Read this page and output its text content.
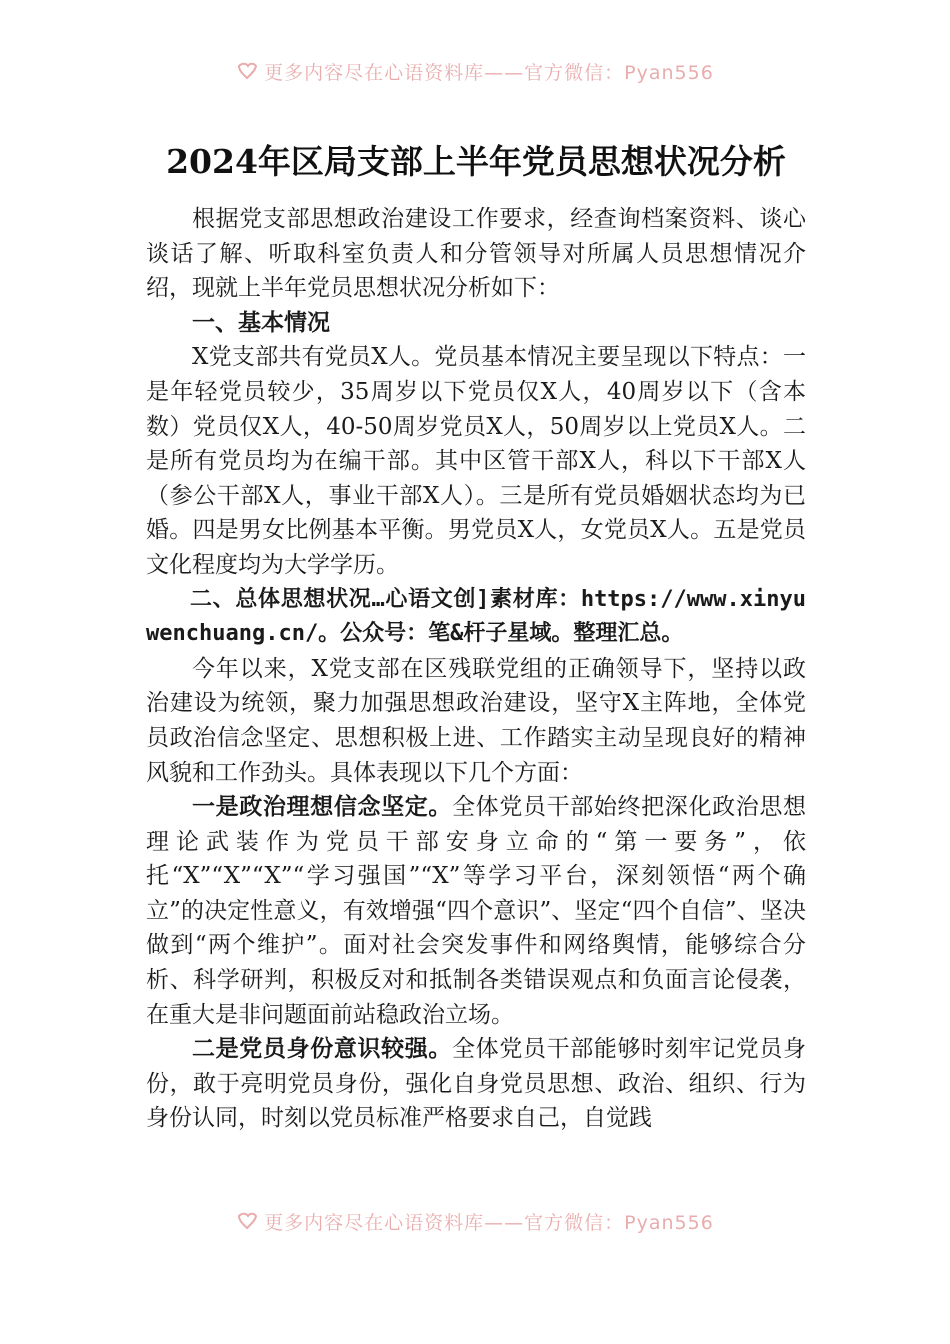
更多内容尽在心语资料库——官方微信：Pyan556
2024年区局支部上半年党员思想状况分析

根据党支部思想政治建设工作要求，经查询档案资料、谈心谈话了解、听取科室负责人和分管领导对所属人员思想情况介绍，现就上半年党员思想状况分析如下：

一、基本情况

X党支部共有党员X人。党员基本情况主要呈现以下特点：一是年轻党员较少，35周岁以下党员仅X人，40周岁以下（含本数）党员仅X人，40-50周岁党员X人，50周岁以上党员X人。二是所有党员均为在编干部。其中区管干部X人，科以下干部X人（参公干部X人，事业干部X人）。三是所有党员婚姻状态均为已婚。四是男女比例基本平衡。男党员X人，女党员X人。五是党员文化程度均为大学学历。

二、总体思想状况…心语文创]素材库：https://www.xinyuwenchuang.cn/。公众号：笔&杆子星域。整理汇总。

今年以来，X党支部在区残联党组的正确领导下，坚持以政治建设为统领，聚力加强思想政治建设，坚守X主阵地，全体党员政治信念坚定、思想积极上进、工作踏实主动呈现良好的精神风貌和工作劲头。具体表现以下几个方面：

一是政治理想信念坚定。全体党员干部始终把深化政治思想理论武装作为党员干部安身立命的“第一要务”，依托“X”“X”“X”“学习强国”“X”等学习平台，深刻领悟“两个确立”的决定性意义，有效增强“四个意识”、坚定“四个自信”、坚决做到“两个维护”。面对社会突发事件和网络舆情，能够综合分析、科学研判，积极反对和抵制各类错误观点和负面言论侵袭，在重大是非问题面前站稳政治立场。

二是党员身份意识较强。全体党员干部能够时刻牢记党员身份，敢于亮明党员身份，强化自身党员思想、政治、组织、行为身份认同，时刻以党员标准严格要求自己，自觉践

更多内容尽在心语资料库——官方微信：Pyan556
